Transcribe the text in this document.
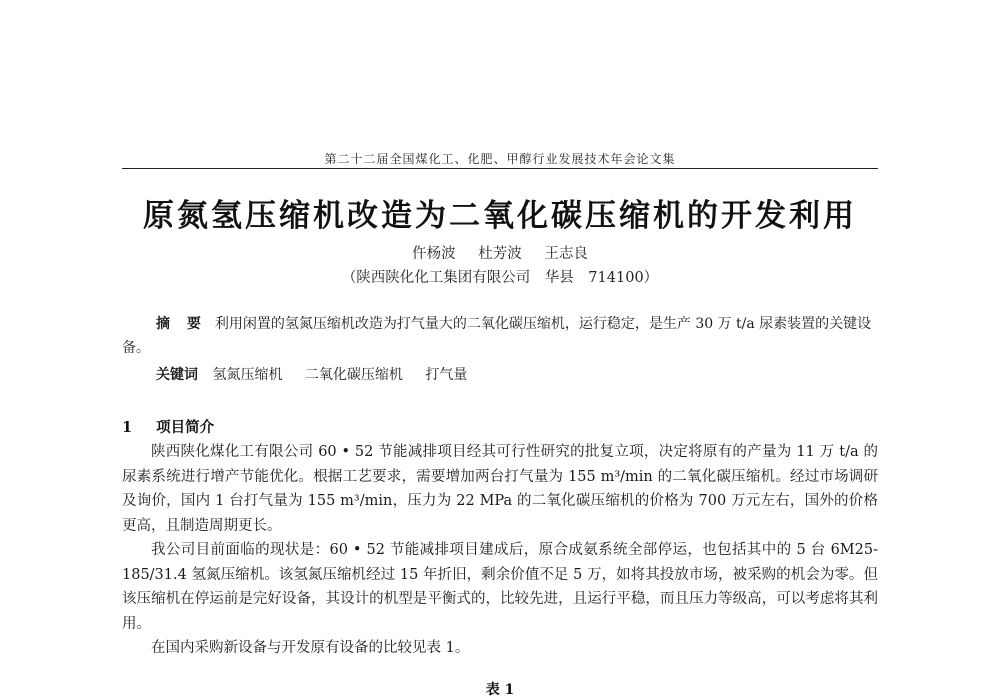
第二十二届全国煤化工、化肥、甲醇行业发展技术年会论文集
原氮氢压缩机改造为二氧化碳压缩机的开发利用
仵杨波 杜芳波 王志良
（陕西陕化化工集团有限公司　华县　714100）
摘 要 利用闲置的氢氮压缩机改造为打气量大的二氧化碳压缩机，运行稳定，是生产 30 万 t/a 尿素装置的关键设备。
关键词 氢氮压缩机 二氧化碳压缩机 打气量
1 项目简介

陕西陕化煤化工有限公司 60 • 52 节能减排项目经其可行性研究的批复立项，决定将原有的产量为 11 万 t/a 的尿素系统进行增产节能优化。根据工艺要求，需要增加两台打气量为 155 m³/min 的二氧化碳压缩机。经过市场调研及询价，国内 1 台打气量为 155 m³/min，压力为 22 MPa 的二氧化碳压缩机的价格为 700 万元左右，国外的价格更高，且制造周期更长。

我公司目前面临的现状是：60 • 52 节能减排项目建成后，原合成氨系统全部停运，也包括其中的 5 台 6M25-185/31.4 氢氮压缩机。该氢氮压缩机经过 15 年折旧，剩余价值不足 5 万，如将其投放市场，被采购的机会为零。但该压缩机在停运前是完好设备，其设计的机型是平衡式的，比较先进，且运行平稳，而且压力等级高，可以考虑将其利用。

在国内采购新设备与开发原有设备的比较见表 1。

表 1
